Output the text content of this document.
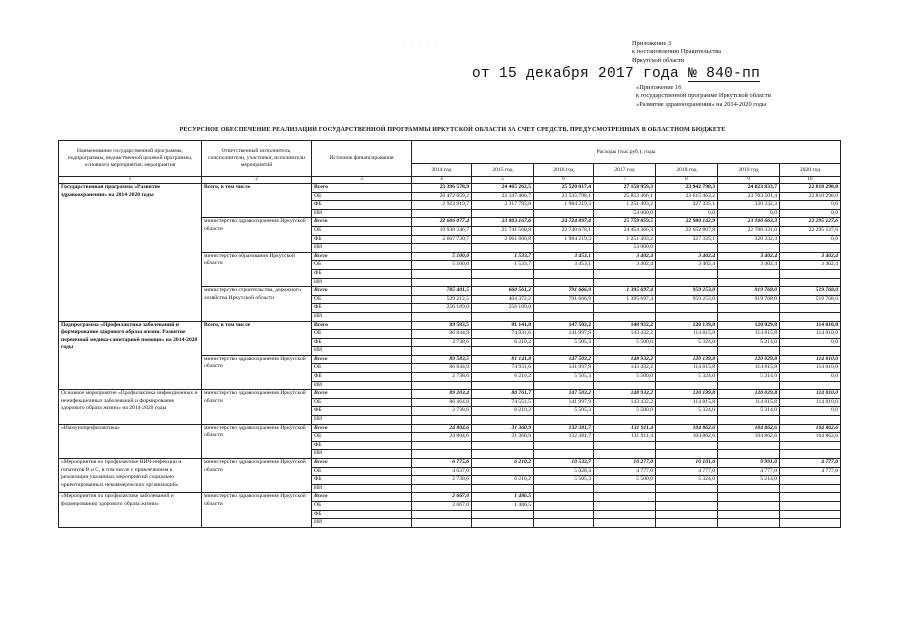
· · · · · · · · · ·	Приложение 3
к постановлению Правительства
Иркутской области
от 15 декабря 2017 года № 840-пп
«Приложение 16
к государственной программе Иркутской области
«Развитие здравоохранения» на 2014-2020 годы
РЕСУРСНОЕ ОБЕСПЕЧЕНИЕ РЕАЛИЗАЦИИ ГОСУДАРСТВЕННОЙ ПРОГРАММЫ ИРКУТСКОЙ ОБЛАСТИ ЗА СЧЕТ СРЕДСТВ, ПРЕДУСМОТРЕННЫХ В ОБЛАСТНОМ БЮДЖЕТЕ
Наименование государственной программы, подпрограммы, ведомственной целевой программы, основного мероприятия, мероприятия	Ответственный исполнитель, соисполнители, участники, исполнители мероприятий	Источник финансирования	Расходы (тыс.руб.), годы						
			2014 год	2015 год	2016 год	2017 год	2018 год	2019 год	2020 год
1	2	3	4	5	6	7	8	9	10
Государственная программа «Развитие здравоохранения» на 2014-2020 годы	Всего, в том числе	Всего	23 396 578,9	24 465 262,5	25 520 017,4	27 158 959,3	23 942 798,3	24 023 833,7	22 818 298,0
		ОБ	20 472 659,2	22 147 466,7	23 535 798,1	25 853 466,1	23 615 463,2	23 703 501,4	22 818 298,0
		ФБ	2 923 919,7	2 317 795,8	1 984 219,3	1 251 493,2	327 335,1	320 332,3	0,0
		ИИ				54 000,0	0,0	0,0	0,0
	министерство здравоохранения Иркутской области	Всего	22 606 077,4	23 803 167,6	24 724 897,4	25 759 859,5	22 980 142,9	23 100 663,3	22 295 127,6
		ОБ	19 938 346,7	21 741 560,8	22 740 678,1	24 454 366,3	22 652 807,8	22 780 331,0	22 295 127,6
		ФБ	2 667 730,7	2 061 606,8	1 984 219,3	1 251 493,2	327 335,1	320 332,3	0,0
		ИИ				54 000,0			
	министерство образования Иркутской области	Всего	5 100,0	1 533,7	3 453,1	3 402,4	3 402,4	3 402,4	3 402,4
		ОБ	5 100,0	1 533,7	3 453,1	3 402,4	3 402,4	3 402,4	3 402,4
		ФБ							
		ИИ							
	министерство строительства, дорожного хозяйства Иркутской области	Всего	785 401,5	660 561,2	791 666,9	1 395 697,4	959 253,0	919 768,0	519 768,0
		ОБ	529 212,5	404 372,2	791 666,9	1 395 697,4	959 253,0	919 768,0	519 768,0
		ФБ	256 189,0	256 189,0					
		ИИ							
Подпрограмма «Профилактика заболеваний и формирование здорового образа жизни. Развитие первичной медико-санитарной помощи» на 2014-2020 годы	Всего, в том числе	Всего	89 583,5	81 141,8	147 503,2	148 932,2	120 139,8	120 029,8	114 010,0
		ОБ	86 844,9	74 931,6	141 997,9	143 432,2	114 815,8	114 815,8	114 010,0
		ФБ	2 738,6	6 210,2	5 505,3	5 500,0	5 324,0	5 214,0	0,0
		ИИ							
	министерство здравоохранения Иркутской области	Всего	89 583,5	81 141,8	147 503,2	148 932,2	120 139,8	120 029,8	114 010,0
		ОБ	86 844,9	74 931,6	141 997,9	143 432,2	114 815,8	114 815,8	114 010,0
		ФБ	2 738,6	6 210,2	5 505,3	5 500,0	5 324,0	5 214,0	0,0
		ИИ							
Основное мероприятие «Профилактика инфекционных и неинфекционных заболеваний и формирование здорового образа жизни» на 2014-2020 годы	министерство здравоохранения Иркутской области	Всего	89 203,4	80 761,7	147 503,2	148 932,2	120 139,8	120 029,8	114 010,0
		ОБ	86 464,8	74 551,5	141 997,9	143 432,2	114 815,8	114 815,8	114 010,0
		ФБ	2 738,6	6 210,2	5 505,3	5 500,0	5 324,0	5 214,0	0,0
		ИИ							
«Иммунопрофилактика»	министерство здравоохранения Иркутской области	Всего	24 804,6	31 360,9	132 381,7	131 911,4	104 862,6	104 862,6	104 862,6
		ОБ	24 804,6	31 360,9	132 381,7	131 911,4	104 862,6	104 862,6	104 862,6
		ФБ							
		ИИ							
«Мероприятия по профилактике ВИЧ-инфекции и гепатитов В и С, в том числе с привлечением к реализации указанных мероприятий социально ориентированных некоммерческих организаций»	министерство здравоохранения Иркутской области	Всего	6 775,6	6 210,2	10 533,7	10 277,0	10 101,0	9 991,0	4 777,0
		ОБ	4 037,0		5 028,4	4 777,0	4 777,0	4 777,0	4 777,0
		ФБ	2 738,6	6 210,2	5 505,3	5 500,0	5 324,0	5 214,0	
		ИИ							
«Мероприятия по профилактике заболеваний и формированию здорового образа жизни»	министерство здравоохранения Иркутской области	Всего	2 667,0	1 486,5					
		ОБ	2 667,0	1 486,5					
		ФБ							
		ИИ							
